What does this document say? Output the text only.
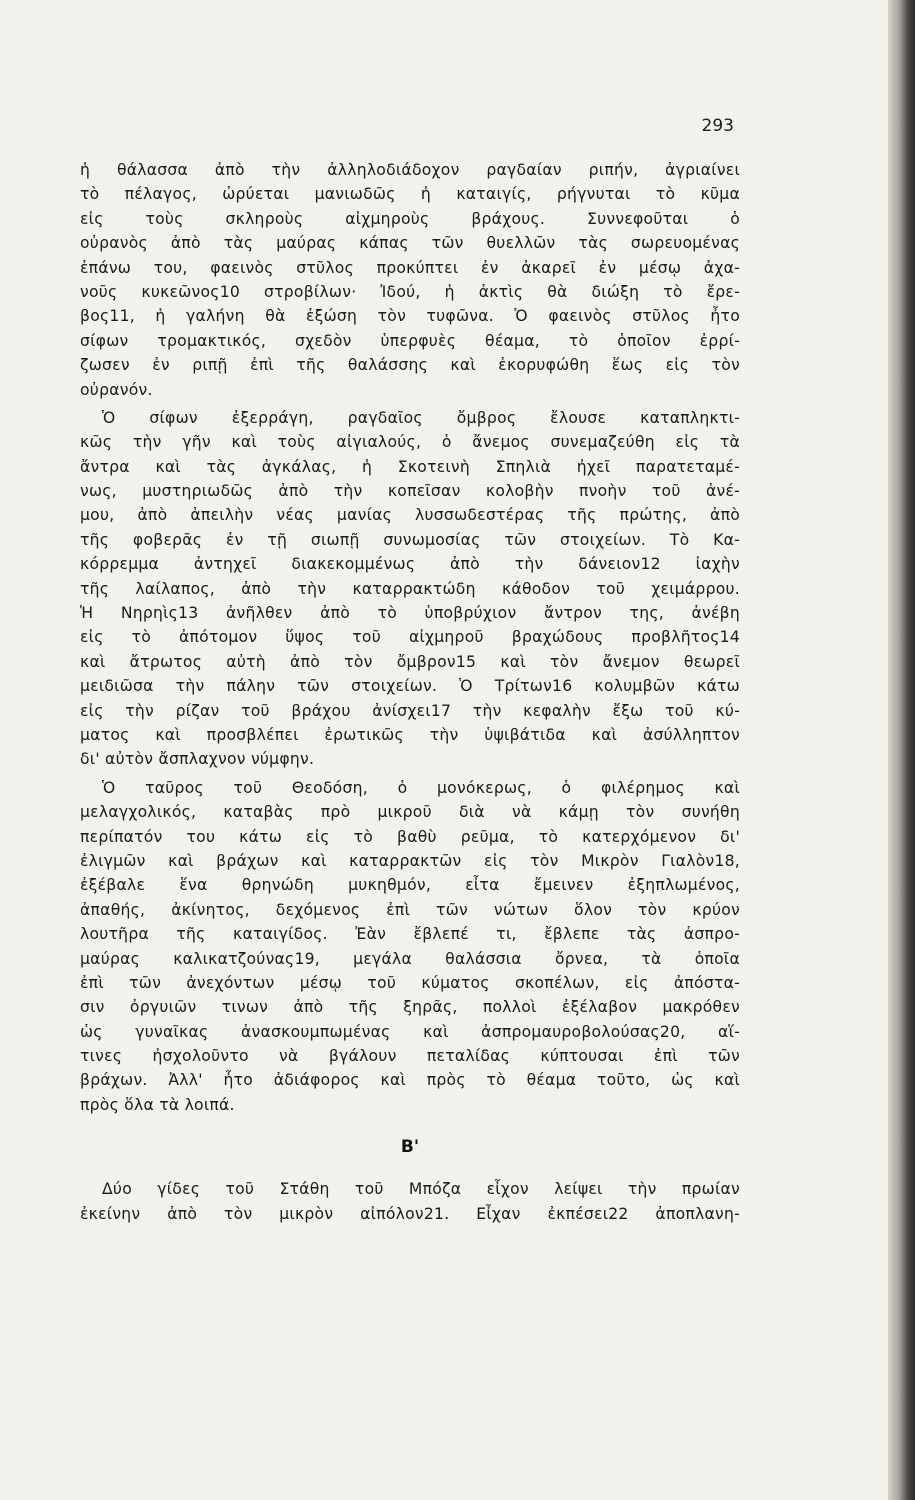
293
ἡ θάλασσα ἀπὸ τὴν ἀλληλοδιάδοχον ραγδαίαν ριπήν, ἀγριαίνει
τὸ πέλαγος, ὠρύεται μανιωδῶς ἡ καταιγίς, ρήγνυται τὸ κῦμα
εἰς τοὺς σκληροὺς αἰχμηροὺς βράχους. Συννεφοῦται ὁ
οὐρανὸς ἀπὸ τὰς μαύρας κάπας τῶν θυελλῶν τὰς σωρευομένας
ἐπάνω του, φαεινὸς στῦλος προκύπτει ἐν ἀκαρεῖ ἐν μέσῳ ἀχα-
νοῦς κυκεῶνος10 στροβίλων· Ἰδού, ἡ ἀκτὶς θὰ διώξη τὸ ἔρε-
βος11, ἡ γαλήνη θὰ ἐξώση τὸν τυφῶνα. Ὁ φαεινὸς στῦλος ἦτο
σίφων τρομακτικός, σχεδὸν ὑπερφυὲς θέαμα, τὸ ὁποῖον ἐρρί-
ζωσεν ἐν ριπῇ ἐπὶ τῆς θαλάσσης καὶ ἐκορυφώθη ἕως εἰς τὸν
οὐρανόν.
Ὁ σίφων ἐξερράγη, ραγδαῖος ὄμβρος ἔλουσε καταπληκτι-
κῶς τὴν γῆν καὶ τοὺς αἰγιαλούς, ὁ ἄνεμος συνεμαζεύθη εἰς τὰ
ἄντρα καὶ τὰς ἀγκάλας, ἡ Σκοτεινὴ Σπηλιὰ ἠχεῖ παρατεταμέ-
νως, μυστηριωδῶς ἀπὸ τὴν κοπεῖσαν κολοβὴν πνοὴν τοῦ ἀνέ-
μου, ἀπὸ ἀπειλὴν νέας μανίας λυσσωδεστέρας τῆς πρώτης, ἀπὸ
τῆς φοβερᾶς ἐν τῇ σιωπῇ συνωμοσίας τῶν στοιχείων. Τὸ Κα-
κόρρεμμα ἀντηχεῖ διακεκομμένως ἀπὸ τὴν δάνειον12 ἰαχὴν
τῆς λαίλαπος, ἀπὸ τὴν καταρρακτώδη κάθοδον τοῦ χειμάρρου.
Ἡ Νηρηὶς13 ἀνῆλθεν ἀπὸ τὸ ὑποβρύχιον ἄντρον της, ἀνέβη
εἰς τὸ ἀπότομον ὕψος τοῦ αἰχμηροῦ βραχώδους προβλῆτος14
καὶ ἄτρωτος αὐτὴ ἀπὸ τὸν ὄμβρον15 καὶ τὸν ἄνεμον θεωρεῖ
μειδιῶσα τὴν πάλην τῶν στοιχείων. Ὁ Τρίτων16 κολυμβῶν κάτω
εἰς τὴν ρίζαν τοῦ βράχου ἀνίσχει17 τὴν κεφαλὴν ἔξω τοῦ κύ-
ματος καὶ προσβλέπει ἐρωτικῶς τὴν ὑψιβάτιδα καὶ ἀσύλληπτον
δι' αὐτὸν ἄσπλαχνον νύμφην.
Ὁ ταῦρος τοῦ Θεοδόση, ὁ μονόκερως, ὁ φιλέρημος καὶ
μελαγχολικός, καταβὰς πρὸ μικροῦ διὰ νὰ κάμῃ τὸν συνήθη
περίπατόν του κάτω εἰς τὸ βαθὺ ρεῦμα, τὸ κατερχόμενον δι'
ἐλιγμῶν καὶ βράχων καὶ καταρρακτῶν εἰς τὸν Μικρὸν Γιαλὸν18,
ἐξέβαλε ἕνα θρηνώδη μυκηθμόν, εἶτα ἔμεινεν ἐξηπλωμένος,
ἀπαθής, ἀκίνητος, δεχόμενος ἐπὶ τῶν νώτων ὅλον τὸν κρύον
λουτῆρα τῆς καταιγίδος. Ἐὰν ἔβλεπέ τι, ἔβλεπε τὰς ἀσπρο-
μαύρας καλικατζούνας19, μεγάλα θαλάσσια ὄρνεα, τὰ ὁποῖα
ἐπὶ τῶν ἀνεχόντων μέσῳ τοῦ κύματος σκοπέλων, εἰς ἀπόστα-
σιν ὀργυιῶν τινων ἀπὸ τῆς ξηρᾶς, πολλοὶ ἐξέλαβον μακρόθεν
ὡς γυναῖκας ἀνασκουμπωμένας καὶ ἀσπρομαυροβολούσας20, αἵ-
τινες ἠσχολοῦντο νὰ βγάλουν πεταλίδας κύπτουσαι ἐπὶ τῶν
βράχων. Ἀλλ' ἦτο ἀδιάφορος καὶ πρὸς τὸ θέαμα τοῦτο, ὡς καὶ
πρὸς ὅλα τὰ λοιπά.
Β'
Δύο γίδες τοῦ Στάθη τοῦ Μπόζα εἶχον λείψει τὴν πρωίαν
ἐκείνην ἀπὸ τὸν μικρὸν αἰπόλον21. Εἶχαν ἐκπέσει22 ἀποπλανη-
